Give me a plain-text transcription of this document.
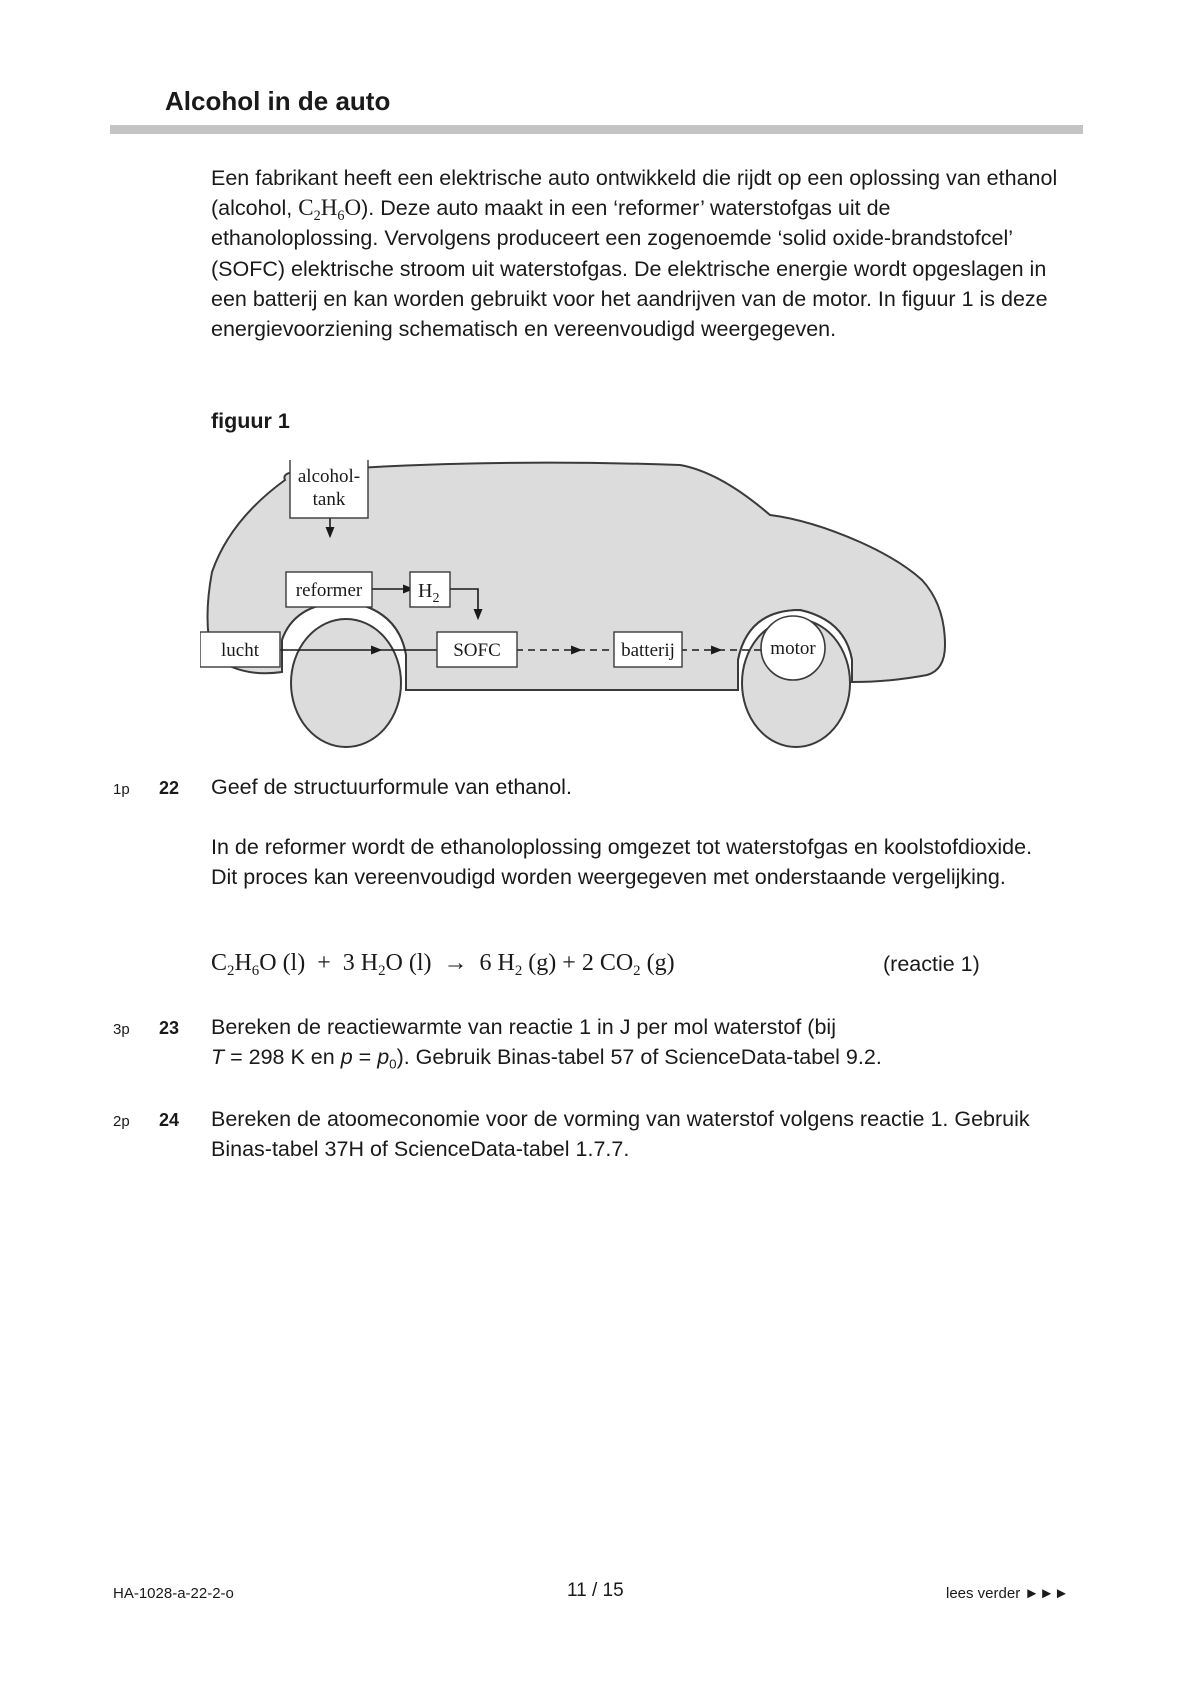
Alcohol in de auto

Een fabrikant heeft een elektrische auto ontwikkeld die rijdt op een oplossing van ethanol (alcohol, $C_2H_6O$). Deze auto maakt in een ‘reformer’ waterstofgas uit de ethanoloplossing. Vervolgens produceert een zogenoemde ‘solid oxide-brandstofcel’ (SOFC) elektrische stroom uit waterstofgas. De elektrische energie wordt opgeslagen in een batterij en kan worden gebruikt voor het aandrijven van de motor. In figuur 1 is deze energievoorziening schematisch en vereenvoudigd weergegeven.

figuur 1
alcohol-
tank
reformer	$H_2$
lucht	SOFC	batterij	motor
1p 22 Geef de structuurformule van ethanol.

In de reformer wordt de ethanoloplossing omgezet tot waterstofgas en koolstofdioxide. Dit proces kan vereenvoudigd worden weergegeven met onderstaande vergelijking.

$C_2H_6O$ (l)  +  3 $H_2O$ (l)  →  6 $H_2$ (g) + 2 $CO_2$ (g)	(reactie 1)
3p 23 Bereken de reactiewarmte van reactie 1 in J per mol waterstof (bij
T = 298 K en $p = p_0$). Gebruik Binas-tabel 57 of ScienceData-tabel 9.2.
2p 24 Bereken de atoomeconomie voor de vorming van waterstof volgens reactie 1. Gebruik Binas-tabel 37H of ScienceData-tabel 1.7.7.
HA-1028-a-22-2-o	11 / 15	lees verder ►►►
